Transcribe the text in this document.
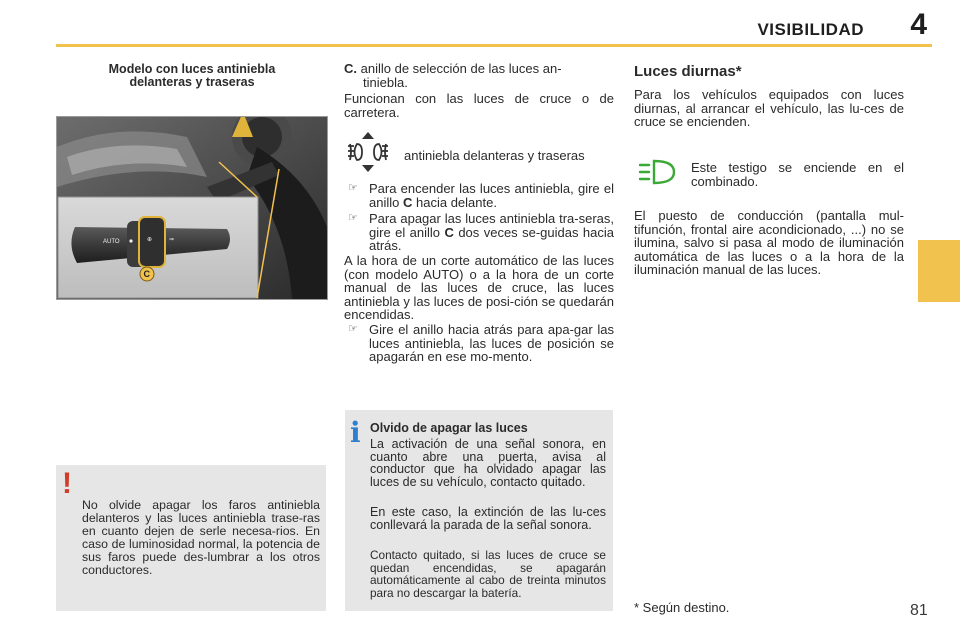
VISIBILIDAD 4
Modelo con luces antiniebla
delanteras y traseras
AUTO	⊕	⇒
C
!
No olvide apagar los faros antiniebla delanteros y las luces antiniebla trase-ras en cuanto dejen de serle necesa-rios. En caso de luminosidad normal, la potencia de sus faros puede des-lumbrar a los otros conductores.
C. anillo de selección de las luces an-
tiniebla.
Funcionan con las luces de cruce o de carretera.
antiniebla delanteras y traseras
☞ Para encender las luces antiniebla, gire el anillo C hacia delante.
☞ Para apagar las luces antiniebla tra-seras, gire el anillo C dos veces se-guidas hacia atrás.
A la hora de un corte automático de las luces (con modelo AUTO) o a la hora de un corte manual de las luces de cruce, las luces antiniebla y las luces de posi-ción se quedarán encendidas.
☞ Gire el anillo hacia atrás para apa-gar las luces antiniebla, las luces de posición se apagarán en ese mo-mento.
i Olvido de apagar las luces
La activación de una señal sonora, en cuanto abre una puerta, avisa al conductor que ha olvidado apagar las luces de su vehículo, contacto quitado.
En este caso, la extinción de las lu-ces conllevará la parada de la señal sonora.
Contacto quitado, si las luces de cruce se quedan encendidas, se apagarán automáticamente al cabo de treinta minutos para no descargar la batería.
Luces diurnas*
Para los vehículos equipados con luces diurnas, al arrancar el vehículo, las lu-ces de cruce se encienden.
Este testigo se enciende en el combinado.
El puesto de conducción (pantalla mul-tifunción, frontal aire acondicionado, ...) no se ilumina, salvo si pasa al modo de iluminación automática de las luces o a la hora de la iluminación manual de las luces.
* Según destino.	81
